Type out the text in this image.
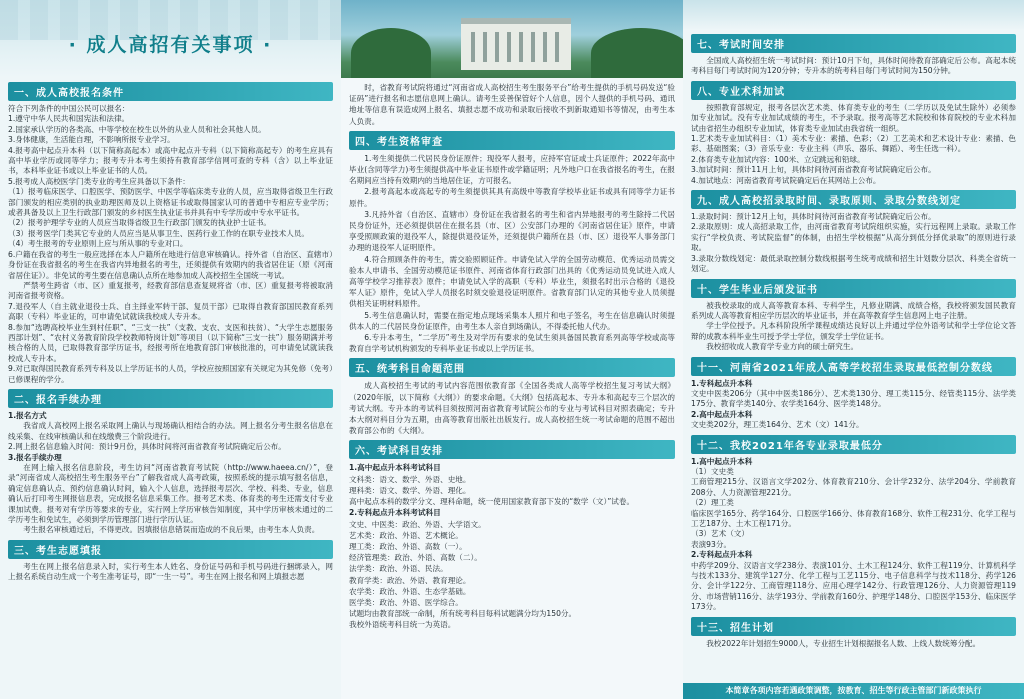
· 成人高招有关事项 ·
一、成人高校报名条件

符合下列条件的中国公民可以报名：

1.遵守中华人民共和国宪法和法律。

2.国家承认学历的各类高、中等学校在校生以外的从业人员和社会其他人员。

3.身体健康，生活能自理，不影响所报专业学习。

4.报考高中起点升本科（以下简称高起本）或高中起点升专科（以下简称高起专）的考生应具有高中毕业学历或同等学力；报考专升本考生须持有教育部学信网可查的专科（含）以上毕业证书，本科毕业证书或以上毕业证书的人员。

5.报考成人高校医学门类专业的考生应具备以下条件：

（1）报考临床医学、口腔医学、预防医学、中医学等临床类专业的人员，应当取得省级卫生行政部门颁发的相应类别的执业助理医师及以上资格证书或取得国家认可的普通中专相应专业学历；或者具备及以上卫生行政部门颁发的乡村医生执业证书并具有中专学历或中专水平证书。

（2）报考护理学专业的人员应当取得省级卫生行政部门颁发的执业护士证书。

（3）报考医学门类其它专业的人员应当是从事卫生、医药行业工作的在职专业技术人员。

（4）考生报考的专业原则上应与所从事的专业对口。

6.户籍在我省的考生一般应选择在本人户籍所在地进行信息审核确认。持外省（自治区、直辖市）身份证在我省报名的考生在我省内异地报名的考生，还须提供有效期内的我省居住证（原《河南省居住证》）。非免试的考生要在信息确认点所在地参加成人高校招生全国统一考试。

严禁考生跨省（市、区）重复报考，经教育部信息查复规将省（市、区）重复报考将被取消河南省报考资格。

7.退役军人（自主就业退役士兵、自主择业军转干部、复员干部）已取得自教育部国民教育系列高职（专科）毕业证的，可申请免试就读我校成人专升本。

8.参加“选聘高校毕业生到村任职”、“三支一扶”（支教、支农、支医和扶贫）、“大学生志愿服务西部计划”、“农村义务教育阶段学校教师特岗计划”等项目（以下简称“三支一扶”）服务期满并考核合格的人员，已取得教育部学历证书，经报考所在地教育部门审核批准的，可申请免试就读我校成人专升本。

9.对已取得国民教育系列专科及以上学历证书的人员，学校应按照国家有关规定为其免修（免考）已修课程的学分。

二、报名手续办理

1.报名方式

我省成人高校网上报名采取网上确认与现场确认相结合的办法。网上报名分考生报名信息在线采集、在线审核确认和在线缴费三个阶段进行。

2.网上报名信息输入时间：预计9月份，具体时间将河南省教育考试院确定后公布。

3.报名手续办理

在网上输入报名信息阶段，考生访问“河南省教育考试院（http://www.haeea.cn/）”，登录“河南省成人高校招生考生服务平台”了解我省成人高考政策，按照系统的提示填写报名信息，确定信息确认点、预约信息确认时间，输入个人信息，选择报考层次、学校、科类、专业，信息确认后打印考生网报信息表，完成报名信息采集工作。报考艺术类、体育类的考生还需支付专业课加试费。报考对有学历等要求的专业，实行网上学历审核告知制度，其中学历审核未通过的二学历考生和免试生，必须到学历管理部门进行学历认证。

考生报名审核通过后，不得更改。因填报信息错误而造成的不良后果，由考生本人负责。

三、考生志愿填报

考生在网上报名信息录入时，实行考生本人姓名、身份证号码和手机号码进行捆绑录入，网上报名系统自动生成一个考生准考证号，即“一生一号”。考生在网上报名和网上填报志愿

时，省教育考试院将通过“河南省成人高校招生考生服务平台”给考生提供的手机号码发送“验证码”进行报名和志愿信息网上确认。请考生妥善保管好个人信息，因个人提供的手机号码、通讯地址等信息有误造成网上报名、填报志愿不成功和录取后接收不到新取通知书等情况，由考生本人负责。

四、考生资格审查

1.考生须提供二代居民身份证原件；现役军人报考，应持军官证或士兵证原件；2022年高中毕业(含同等学力)考生须提供高中毕业证书原件或学籍证明；凡外地户口在我省报名的考生，在报名期间应当持有效期内的当地居住证，方可报名。

2.报考高起本或高起专的考生须提供其具有高级中等教育学校毕业证书或具有同等学力证书原件。

3.凡持外省（自治区、直辖市）身份证在我省报名的考生和省内异地报考的考生除持二代居民身份证外，还必须提供居住在报名县（市、区）公安部门办理的《河南省居住证》原件，申请享受照顾政策的退役军人，除提供退役证外，还须提供户籍所在县（市、区）退役军人事务部门办理的退役军人证明原件。

4.符合照顾条件的考生，需交验照顾证件。申请免试入学的全国劳动模范、优秀运动员需交验本人申请书、全国劳动模范证书原件、河南省体育行政部门出具的《优秀运动员免试进入成人高等学校学习推荐表》原件；申请免试入学的高职（专科）毕业生，须报名时出示合格的《退役军人证》原件，免试入学人员报名时须交验退役证明原件。省教育部门认定的其他专业人员须提供相关证明材料原件。

5.考生信息确认时，需要在指定地点现场采集本人照片和电子签名，考生在信息确认时须提供本人的二代居民身份证原件，由考生本人亲自到场确认，不得委托他人代办。

6.专升本考生，“二学历”考生及对学历有要求的免试生须具备国民教育系列高等学校或高等教育自学考试机构颁发的专科毕业证书或以上学历证书。

五、统考科目命题范围

成人高校招生考试的考试内容范围依教育部《全国各类成人高等学校招生复习考试大纲》（2020年版，以下简称《大纲》）的要求命题。《大纲》包括高起本、专升本和高起专三个层次的考试大纲。专升本的考试科目须按照河南省教育考试院公布的专业与考试科目对照表确定；专升本大纲对科目分为五期，由高等教育出版社出版发行。成人高校招生统一考试命题的范围不超出教育部公布的《大纲》。

六、考试科目安排

1.高中起点升本科考试科目

文科类：语文、数学、外语、史地。

理科类：语文、数学、外语、理化。

高中起点本科的数学分文、理科命题，统一使用国家教育部下发的“数学（文）”试卷。

2.专科起点升本科考试科目

文史、中医类：政治、外语、大学语文。

艺术类：政治、外语、艺术概论。

理工类：政治、外语、高数（一）。

经济管理类：政治、外语、高数（二）。

法学类：政治、外语、民法。

教育学类：政治、外语、教育理论。

农学类：政治、外语、生态学基础。

医学类：政治、外语、医学综合。

试题均由教育部统一命制，所有统考科目每科试题满分均为150分。

我校外语统考科目统一为英语。

七、考试时间安排

全国成人高校招生统一考试时间：预计10月下旬，具体时间待教育部确定后公布。高起本统考科目每门考试时间为120分钟；专升本的统考科目每门考试时间为150分钟。

八、专业术科加试

按照教育部规定，报考各层次艺术类、体育类专业的考生（二学历以及免试生除外）必须参加专业加试。没有专业加试成绩的考生，不予录取。报考高等艺术院校和体育院校的专业术科加试由省招生办组织专业加试，体育类专业加试由我省统一组织。

1.艺术类专业加试科目：（1）美术专业：素描、色彩；（2）工艺美术和艺术设计专业：素描、色彩、基础图案；（3）音乐专业：专业主科（声乐、器乐、舞蹈）、考生任选一科）。

2.体育类专业加试内容：100米、立定跳远和铅球。

3.加试时间：预计11月上旬，具体时间待河南省教育考试院确定后公布。

4.加试地点：河南省教育考试院确定后在其网站上公布。

九、成人高校招录取时间、录取原则、录取分数线划定

1.录取时间：预计12月上旬，具体时间待河南省教育考试院确定后公布。

2.录取原则：成人高招录取工作，由河南省教育考试院组织实施，实行远程网上录取。录取工作实行“学校负责、考试院监督”的体制，由招生学校根据“从高分到低分择优录取”的原则进行录取。

3.录取分数线划定：最低录取控制分数线根据考生统考成绩和招生计划数分层次、科类全省统一划定。

十、学生毕业后颁发证书

被我校录取的成人高等教育本科、专科学生，凡修业期满、成绩合格，我校将颁发国民教育系列成人高等教育相应学历层次的毕业证书，并在高等教育学生信息网上电子注册。

学士学位授予。凡本科阶段所学课程成绩达良好以上并通过学位外语考试和学士学位论文答辩的成教本科毕业生可授予学士学位，颁发学士学位证书。

我校招收成人教育学专业方向的硕士研究生。

十一、河南省2021年成人高等学校招生录取最低控制分数线

1.专科起点升本科

文史中医类206分（其中中医类186分）、艺术类130分、理工类115分、经管类115分、法学类175分、教育学类140分、农学类164分、医学类148分。

2.高中起点升本科

文史类202分，理工类164分、艺术（文）141分。

十二、我校2021年各专业录取最低分

1.高中起点升本科

（1）文史类

工商管理215分、汉语言文学202分、体育教育210分、会计学232分、法学204分、学前教育208分、人力资源管理221分。

（2）理工类

临床医学165分、药学164分、口腔医学166分、体育教育168分、软件工程231分、化学工程与工艺187分、土木工程171分。

（3）艺术（文）

表演93分。

2.专科起点升本科

中药学209分、汉语言文学238分、表演101分、土木工程124分、软件工程119分、计算机科学与技术133分、建筑学127分、化学工程与工艺115分、电子信息科学与技术118分、药学126分、会计学122分、工商管理118分、应用心理学142分、行政管理126分、人力资源管理119分、市场营销116分、法学193分、学前教育160分、护理学148分、口腔医学153分、临床医学173分。

十三、招生计划

我校2022年计划招生9000人，专业招生计划根据报名人数、上线人数统筹分配。

本简章各项内容若遇政策调整，按教育、招生等行政主管部门新政策执行
